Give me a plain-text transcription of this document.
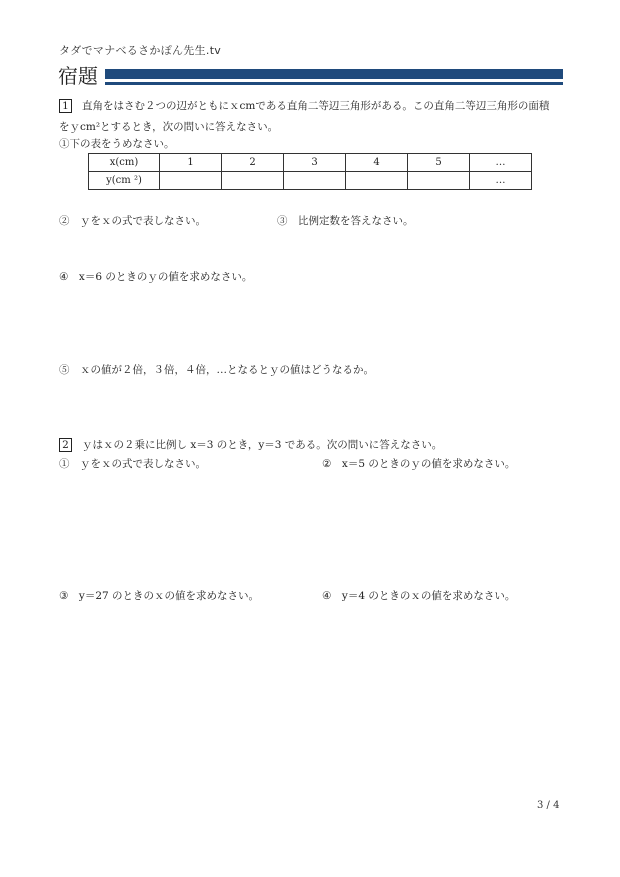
タダでマナべるさかぽん先生.tv
宿題
1 直角をはさむ２つの辺がともにｘcmである直角二等辺三角形がある。この直角二等辺三角形の面積
をｙcm²とするとき，次の問いに答えなさい。
①下の表をうめなさい。
x(cm)	1	2	3	4	5	…
y(cm ²)						…
②　ｙをｘの式で表しなさい。	③　比例定数を答えなさい。
④　x＝6 のときのｙの値を求めなさい。
⑤　ｘの値が２倍，３倍，４倍，…となるとｙの値はどうなるか。
2 ｙはｘの２乗に比例し x＝3 のとき，y＝3 である。次の問いに答えなさい。
①　ｙをｘの式で表しなさい。	②　x＝5 のときのｙの値を求めなさい。
③　y＝27 のときのｘの値を求めなさい。	④　y＝4 のときのｘの値を求めなさい。
3 / 4
